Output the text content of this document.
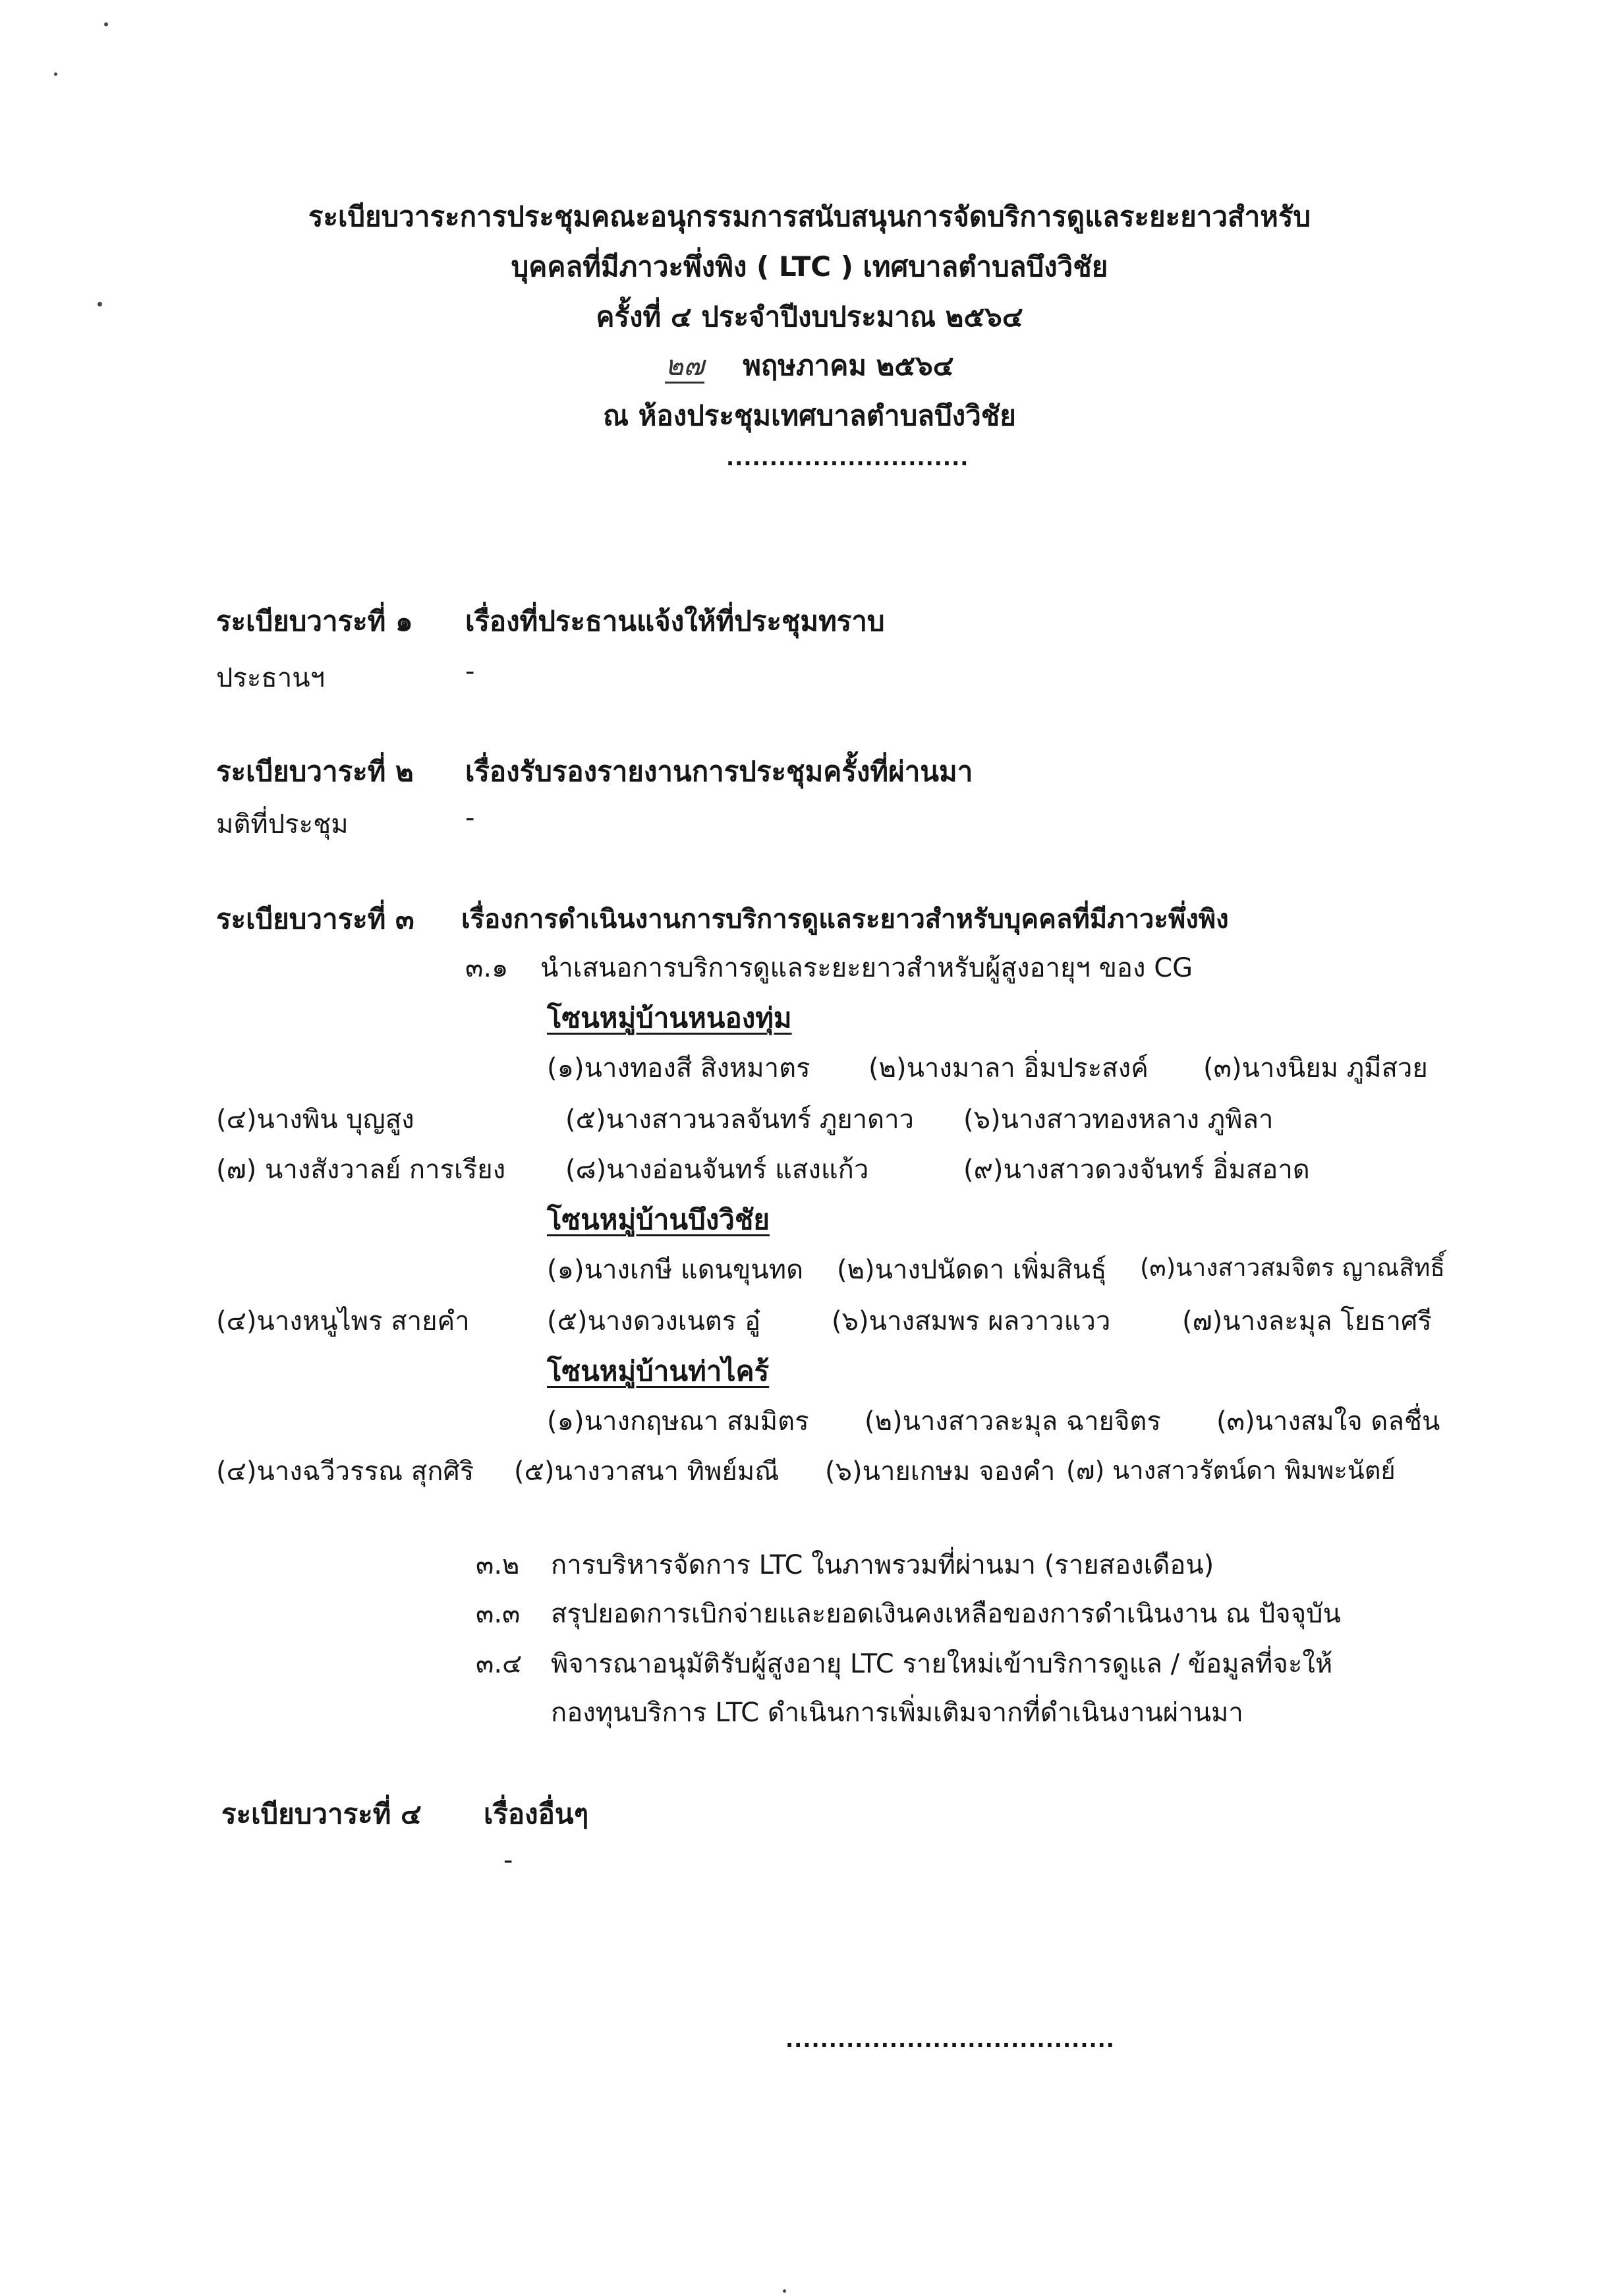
ระเบียบวาระการประชุมคณะอนุกรรมการสนับสนุนการจัดบริการดูแลระยะยาวสำหรับ
บุคคลที่มีภาวะพึ่งพิง ( LTC ) เทศบาลตำบลบึงวิชัย
ครั้งที่ ๔ ประจำปีงบประมาณ ๒๕๖๔
๒๗ พฤษภาคม ๒๕๖๔
ณ ห้องประชุมเทศบาลตำบลบึงวิชัย
............................
ระเบียบวาระที่ ๑ เรื่องที่ประธานแจ้งให้ที่ประชุมทราบ
ประธานฯ	-
ระเบียบวาระที่ ๒ เรื่องรับรองรายงานการประชุมครั้งที่ผ่านมา
มติที่ประชุม	-
ระเบียบวาระที่ ๓ เรื่องการดำเนินงานการบริการดูแลระยาวสำหรับบุคคลที่มีภาวะพึ่งพิง
๓.๑ นำเสนอการบริการดูแลระยะยาวสำหรับผู้สูงอายุฯ ของ CG
โซนหมู่บ้านหนองทุ่ม
(๑)นางทองสี สิงหมาตร (๒)นางมาลา อิ่มประสงค์ (๓)นางนิยม ภูมีสวย
(๔)นางพิน บุญสูง	(๕)นางสาวนวลจันทร์ ภูยาดาว (๖)นางสาวทองหลาง ภูพิลา
(๗) นางสังวาลย์ การเรียง (๘)นางอ่อนจันทร์ แสงแก้ว	(๙)นางสาวดวงจันทร์ อิ่มสอาด
โซนหมู่บ้านบึงวิชัย
(๑)นางเกษี แดนขุนทด (๒)นางปนัดดา เพิ่มสินธุ์ (๓)นางสาวสมจิตร ญาณสิทธิ์
(๔)นางหนูไพร สายคำ	(๕)นางดวงเนตร อู๋	(๖)นางสมพร ผลวาวแวว	(๗)นางละมุล โยธาศรี
โซนหมู่บ้านท่าไคร้
(๑)นางกฤษณา สมมิตร (๒)นางสาวละมุล ฉายจิตร (๓)นางสมใจ ดลชื่น
(๔)นางฉวีวรรณ สุกศิริ (๕)นางวาสนา ทิพย์มณี (๖)นายเกษม จองคำ (๗) นางสาวรัตน์ดา พิมพะนัตย์
๓.๒ การบริหารจัดการ LTC ในภาพรวมที่ผ่านมา (รายสองเดือน)
๓.๓ สรุปยอดการเบิกจ่ายและยอดเงินคงเหลือของการดำเนินงาน ณ ปัจจุบัน
๓.๔ พิจารณาอนุมัติรับผู้สูงอายุ LTC รายใหม่เข้าบริการดูแล / ข้อมูลที่จะให้
กองทุนบริการ LTC ดำเนินการเพิ่มเติมจากที่ดำเนินงานผ่านมา
ระเบียบวาระที่ ๔ เรื่องอื่นๆ
-
......................................
